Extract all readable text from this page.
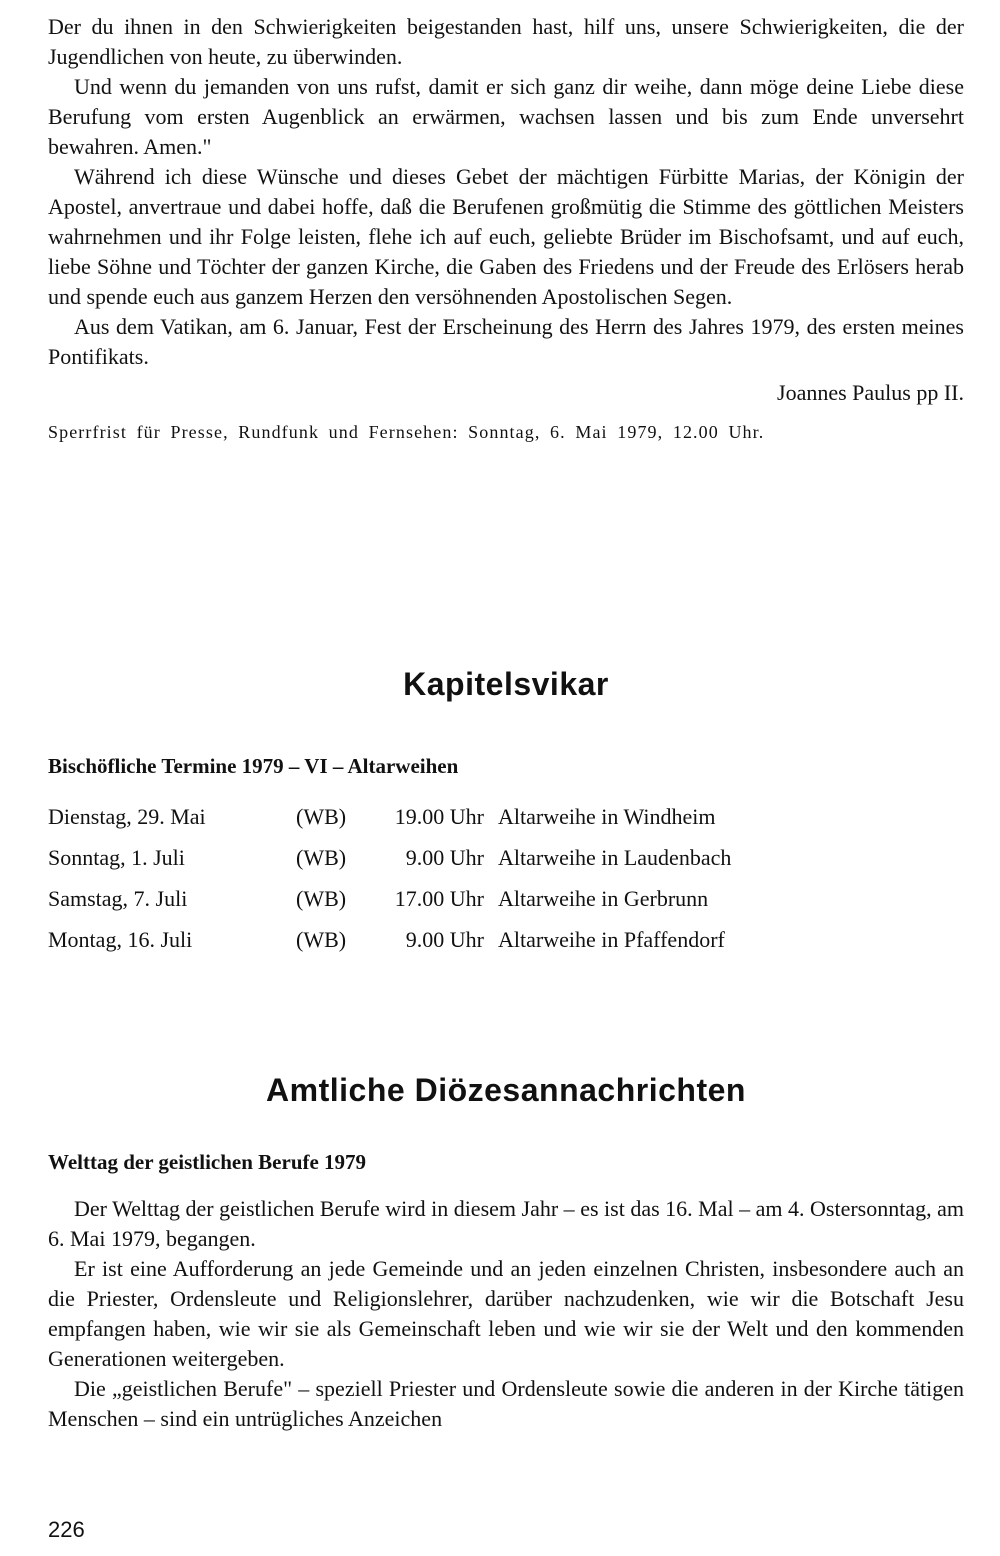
Der du ihnen in den Schwierigkeiten beigestanden hast, hilf uns, unsere Schwierigkeiten, die der Jugendlichen von heute, zu überwinden.

Und wenn du jemanden von uns rufst, damit er sich ganz dir weihe, dann möge deine Liebe diese Berufung vom ersten Augenblick an erwärmen, wachsen lassen und bis zum Ende unversehrt bewahren. Amen."

Während ich diese Wünsche und dieses Gebet der mächtigen Fürbitte Marias, der Königin der Apostel, anvertraue und dabei hoffe, daß die Berufenen großmütig die Stimme des göttlichen Meisters wahrnehmen und ihr Folge leisten, flehe ich auf euch, geliebte Brüder im Bischofsamt, und auf euch, liebe Söhne und Töchter der ganzen Kirche, die Gaben des Friedens und der Freude des Erlösers herab und spende euch aus ganzem Herzen den versöhnenden Apostolischen Segen.

Aus dem Vatikan, am 6. Januar, Fest der Erscheinung des Herrn des Jahres 1979, des ersten meines Pontifikats.

Joannes Paulus pp II.
Sperrfrist für Presse, Rundfunk und Fernsehen: Sonntag, 6. Mai 1979, 12.00 Uhr.
Kapitelsvikar
Bischöfliche Termine 1979 – VI – Altarweihen
Dienstag, 29. Mai	(WB)	19.00 Uhr	Altarweihe in Windheim
Sonntag, 1. Juli	(WB)	9.00 Uhr	Altarweihe in Laudenbach
Samstag, 7. Juli	(WB)	17.00 Uhr	Altarweihe in Gerbrunn
Montag, 16. Juli	(WB)	9.00 Uhr	Altarweihe in Pfaffendorf
Amtliche Diözesannachrichten
Welttag der geistlichen Berufe 1979

Der Welttag der geistlichen Berufe wird in diesem Jahr – es ist das 16. Mal – am 4. Ostersonntag, am 6. Mai 1979, begangen.

Er ist eine Aufforderung an jede Gemeinde und an jeden einzelnen Christen, insbesondere auch an die Priester, Ordensleute und Religionslehrer, darüber nachzudenken, wie wir die Botschaft Jesu empfangen haben, wie wir sie als Gemeinschaft leben und wie wir sie der Welt und den kommenden Generationen weitergeben.

Die „geistlichen Berufe" – speziell Priester und Ordensleute sowie die anderen in der Kirche tätigen Menschen – sind ein untrügliches Anzeichen

226
